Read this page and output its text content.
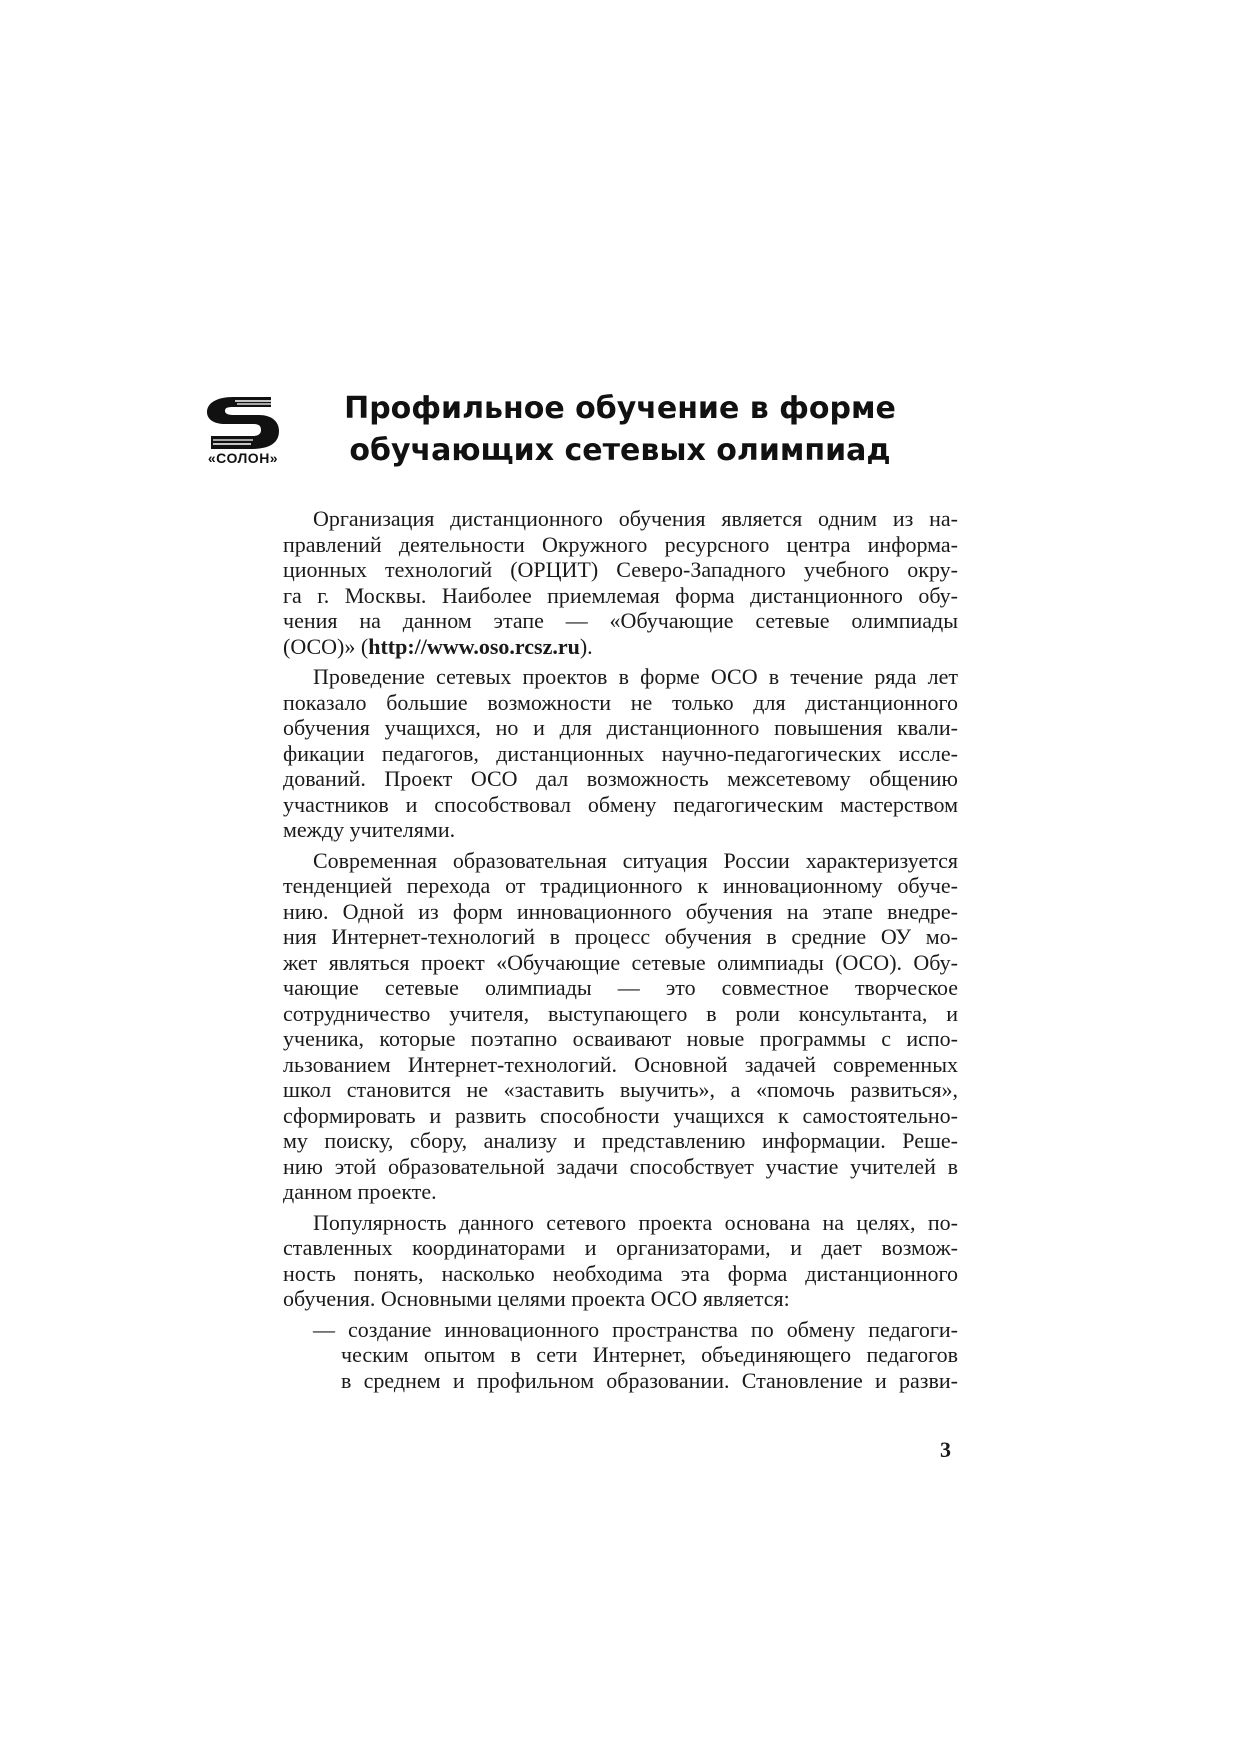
«СОЛОН»
Профильное обучение в форме
обучающих сетевых олимпиад
Организация дистанционного обучения является одним из на-
правлений деятельности Окружного ресурсного центра информа-
ционных технологий (ОРЦИТ) Северо-Западного учебного окру-
га г. Москвы. Наиболее приемлемая форма дистанционного обу-
чения на данном этапе — «Обучающие сетевые олимпиады
(ОСО)» (http://www.oso.rcsz.ru).
Проведение сетевых проектов в форме ОСО в течение ряда лет
показало большие возможности не только для дистанционного
обучения учащихся, но и для дистанционного повышения квали-
фикации педагогов, дистанционных научно-педагогических иссле-
дований. Проект ОСО дал возможность межсетевому общению
участников и способствовал обмену педагогическим мастерством
между учителями.
Современная образовательная ситуация России характеризуется
тенденцией перехода от традиционного к инновационному обуче-
нию. Одной из форм инновационного обучения на этапе внедре-
ния Интернет-технологий в процесс обучения в средние ОУ мо-
жет являться проект «Обучающие сетевые олимпиады (ОСО). Обу-
чающие сетевые олимпиады — это совместное творческое
сотрудничество учителя, выступающего в роли консультанта, и
ученика, которые поэтапно осваивают новые программы с испо-
льзованием Интернет-технологий. Основной задачей современных
школ становится не «заставить выучить», а «помочь развиться»,
сформировать и развить способности учащихся к самостоятельно-
му поиску, сбору, анализу и представлению информации. Реше-
нию этой образовательной задачи способствует участие учителей в
данном проекте.
Популярность данного сетевого проекта основана на целях, по-
ставленных координаторами и организаторами, и дает возмож-
ность понять, насколько необходима эта форма дистанционного
обучения. Основными целями проекта ОСО является:
— создание инновационного пространства по обмену педагоги-
ческим опытом в сети Интернет, объединяющего педагогов
в среднем и профильном образовании. Становление и разви-
3
